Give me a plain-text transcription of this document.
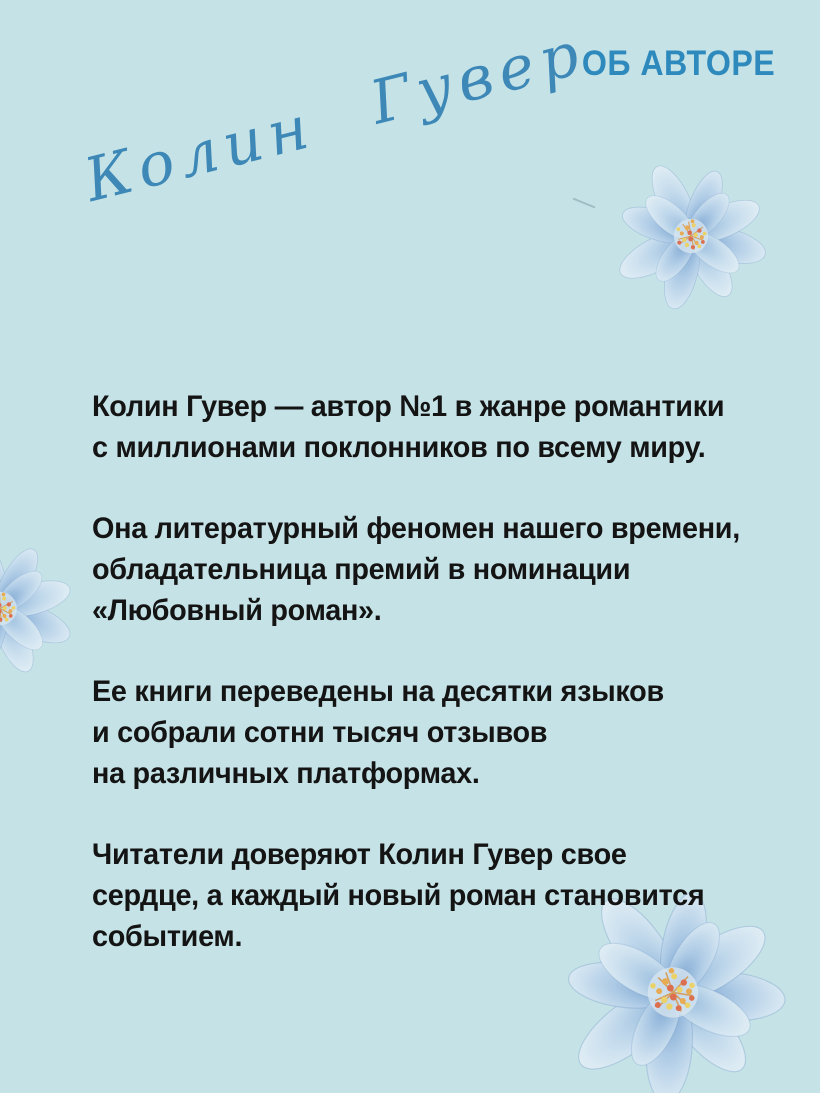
ОБ АВТОРЕ
Колин
Гувер

Колин Гувер — автор №1 в жанре романтики
с миллионами поклонников по всему миру.

Она литературный феномен нашего времени,
обладательница премий в номинации
«Любовный роман».

Ее книги переведены на десятки языков
и собрали сотни тысяч отзывов
на различных платформах.

Читатели доверяют Колин Гувер свое
сердце, а каждый новый роман становится
событием.
